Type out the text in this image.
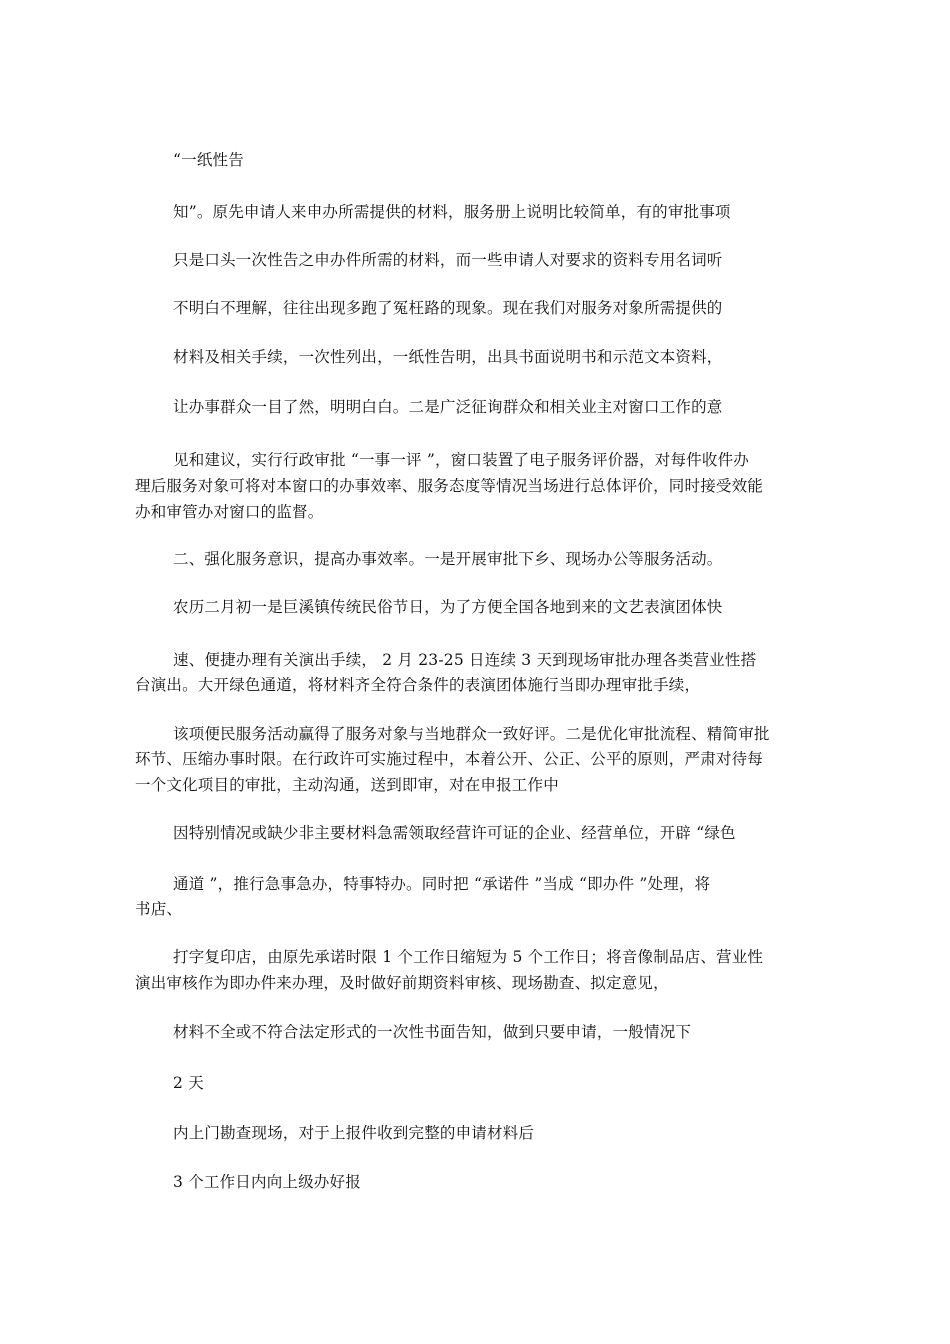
“一纸性告
知”。原先申请人来申办所需提供的材料，服务册上说明比较简单，有的审批事项
只是口头一次性告之申办件所需的材料，而一些申请人对要求的资料专用名词听
不明白不理解，往往出现多跑了冤枉路的现象。现在我们对服务对象所需提供的
材料及相关手续，一次性列出，一纸性告明，出具书面说明书和示范文本资料，
让办事群众一目了然，明明白白。二是广泛征询群众和相关业主对窗口工作的意
见和建议，实行行政审批 “一事一评 ”，窗口装置了电子服务评价器，对每件收件办
理后服务对象可将对本窗口的办事效率、服务态度等情况当场进行总体评价，同时接受效能
办和审管办对窗口的监督。
二、强化服务意识，提高办事效率。一是开展审批下乡、现场办公等服务活动。
农历二月初一是巨溪镇传统民俗节日，为了方便全国各地到来的文艺表演团体快
速、便捷办理有关演出手续， 2 月 23-25 日连续 3 天到现场审批办理各类营业性搭
台演出。大开绿色通道，将材料齐全符合条件的表演团体施行当即办理审批手续，
该项便民服务活动赢得了服务对象与当地群众一致好评。二是优化审批流程、精简审批
环节、压缩办事时限。在行政许可实施过程中，本着公开、公正、公平的原则，严肃对待每
一个文化项目的审批，主动沟通，送到即审，对在申报工作中
因特别情况或缺少非主要材料急需领取经营许可证的企业、经营单位，开辟 “绿色
通道 ”，推行急事急办，特事特办。同时把 “承诺件 ”当成 “即办件 ”处理，将
书店、
打字复印店，由原先承诺时限 1 个工作日缩短为 5 个工作日；将音像制品店、营业性
演出审核作为即办件来办理，及时做好前期资料审核、现场勘查、拟定意见，
材料不全或不符合法定形式的一次性书面告知，做到只要申请，一般情况下
2 天
内上门勘查现场，对于上报件收到完整的申请材料后
3 个工作日内向上级办好报
